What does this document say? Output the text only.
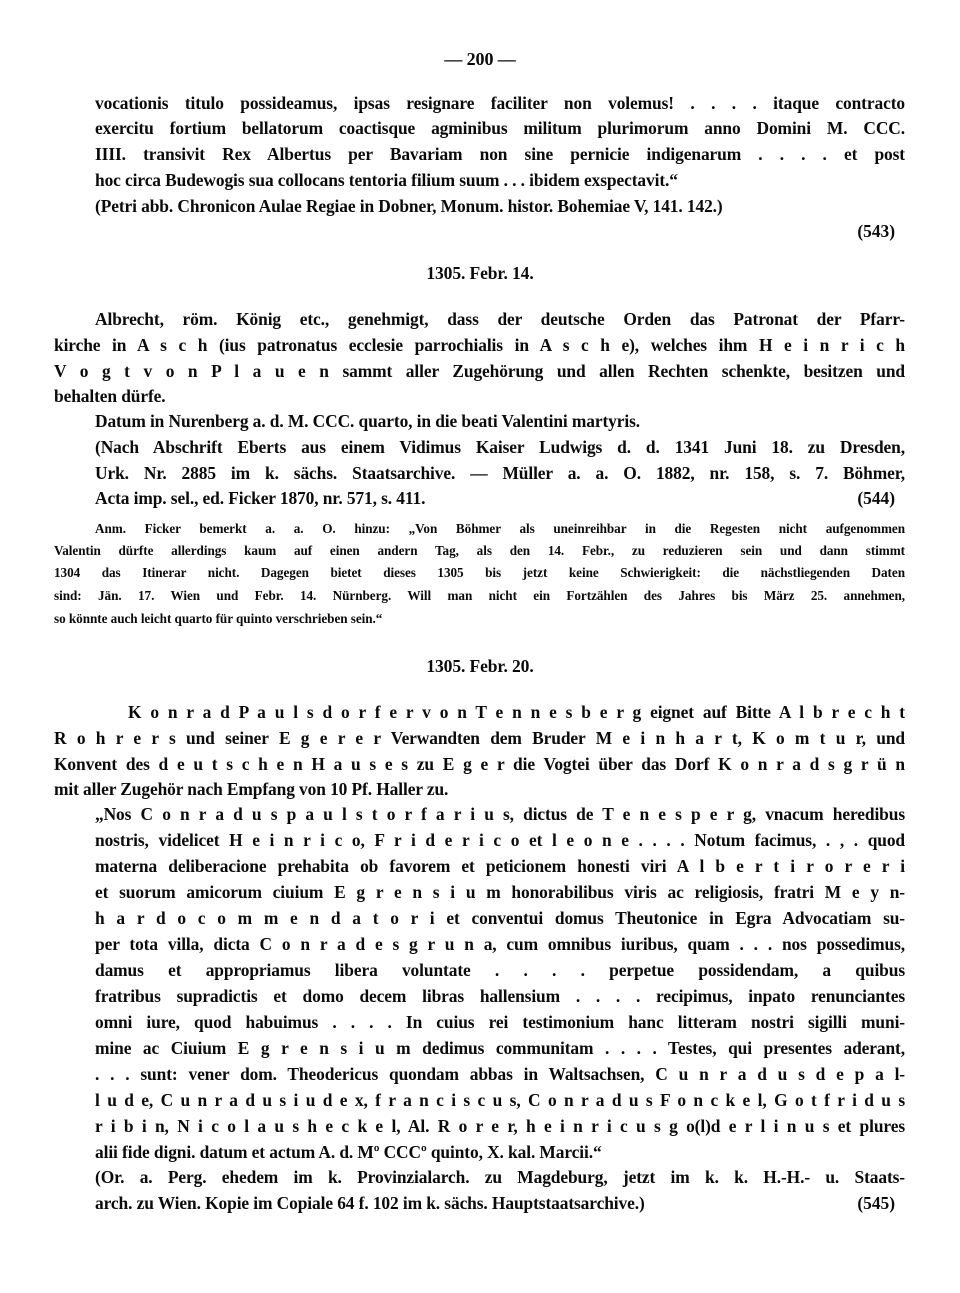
— 200 —

vocationis titulo possideamus, ipsas resignare faciliter non volemus! . . . . itaque contracto

exercitu fortium bellatorum coactisque agminibus militum plurimorum anno Domini M. CCC.

IIII. transivit Rex Albertus per Bavariam non sine pernicie indigenarum . . . . et post

hoc circa Budewogis sua collocans tentoria filium suum . . . ibidem exspectavit.“

(Petri abb. Chronicon Aulae Regiae in Dobner, Monum. histor. Bohemiae V, 141. 142.)

(543)
1305. Febr. 14.

Albrecht, röm. König etc., genehmigt, dass der deutsche Orden das Patronat der Pfarr-

kirche in A s c h (ius patronatus ecclesie parrochialis in A s c h e), welches ihm H e i n r i c h

V o g t v o n P l a u e n sammt aller Zugehörung und allen Rechten schenkte, besitzen und

behalten dürfe.

Datum in Nurenberg a. d. M. CCC. quarto, in die beati Valentini martyris.

(Nach Abschrift Eberts aus einem Vidimus Kaiser Ludwigs d. d. 1341 Juni 18. zu Dresden,

Urk. Nr. 2885 im k. sächs. Staatsarchive. — Müller a. a. O. 1882, nr. 158, s. 7. Böhmer,

Acta imp. sel., ed. Ficker 1870, nr. 571, s. 411.	(544)

Anm. Ficker bemerkt a. a. O. hinzu: „Von Böhmer als uneinreihbar in die Regesten nicht aufgenommen

Valentin dürfte allerdings kaum auf einen andern Tag, als den 14. Febr., zu reduzieren sein und dann stimmt

1304 das Itinerar nicht. Dagegen bietet dieses 1305 bis jetzt keine Schwierigkeit: die nächstliegenden Daten

sind: Jän. 17. Wien und Febr. 14. Nürnberg. Will man nicht ein Fortzählen des Jahres bis März 25. annehmen,

so könnte auch leicht quarto für quinto verschrieben sein.“

1305. Febr. 20.

K o n r a d P a u l s d o r f e r v o n T e n n e s b e r g eignet auf Bitte A l b r e c h t

R o h r e r s und seiner E g e r e r Verwandten dem Bruder M e i n h a r t, K o m t u r, und

Konvent des d e u t s c h e n H a u s e s zu E g e r die Vogtei über das Dorf K o n r a d s g r ü n

mit aller Zugehör nach Empfang von 10 Pf. Haller zu.

„Nos C o n r a d u s p a u l s t o r f a r i u s, dictus de T e n e s p e r g, vnacum heredibus

nostris, videlicet H e i n r i c o, F r i d e r i c o et l e o n e . . . . Notum facimus, . , . quod

materna deliberacione prehabita ob favorem et peticionem honesti viri A l b e r t i r o r e r i

et suorum amicorum ciuium E g r e n s i u m honorabilibus viris ac religiosis, fratri M e y n-

h a r d o c o m m e n d a t o r i et conventui domus Theutonice in Egra Advocatiam su-

per tota villa, dicta C o n r a d e s g r u n a, cum omnibus iuribus, quam . . . nos possedimus,

damus et appropriamus libera voluntate . . . . perpetue possidendam, a quibus

fratribus supradictis et domo decem libras hallensium . . . . recipimus, inpato renunciantes

omni iure, quod habuimus . . . . In cuius rei testimonium hanc litteram nostri sigilli muni-

mine ac Ciuium E g r e n s i u m dedimus communitam . . . . Testes, qui presentes aderant,

. . . sunt: vener dom. Theodericus quondam abbas in Waltsachsen, C u n r a d u s d e p a l-

l u d e, C u n r a d u s i u d e x, f r a n c i s c u s, C o n r a d u s F o n c k e l, G o t f r i d u s

r i b i n, N i c o l a u s h e c k e l, Al. R o r e r, h e i n r i c u s g o(l)d e r l i n u s et plures

alii fide digni. datum et actum A. d. Mº CCCº quinto, X. kal. Marcii.“

(Or. a. Perg. ehedem im k. Provinzialarch. zu Magdeburg, jetzt im k. k. H.-H.- u. Staats-

arch. zu Wien. Kopie im Copiale 64 f. 102 im k. sächs. Hauptstaatsarchive.)	(545)
